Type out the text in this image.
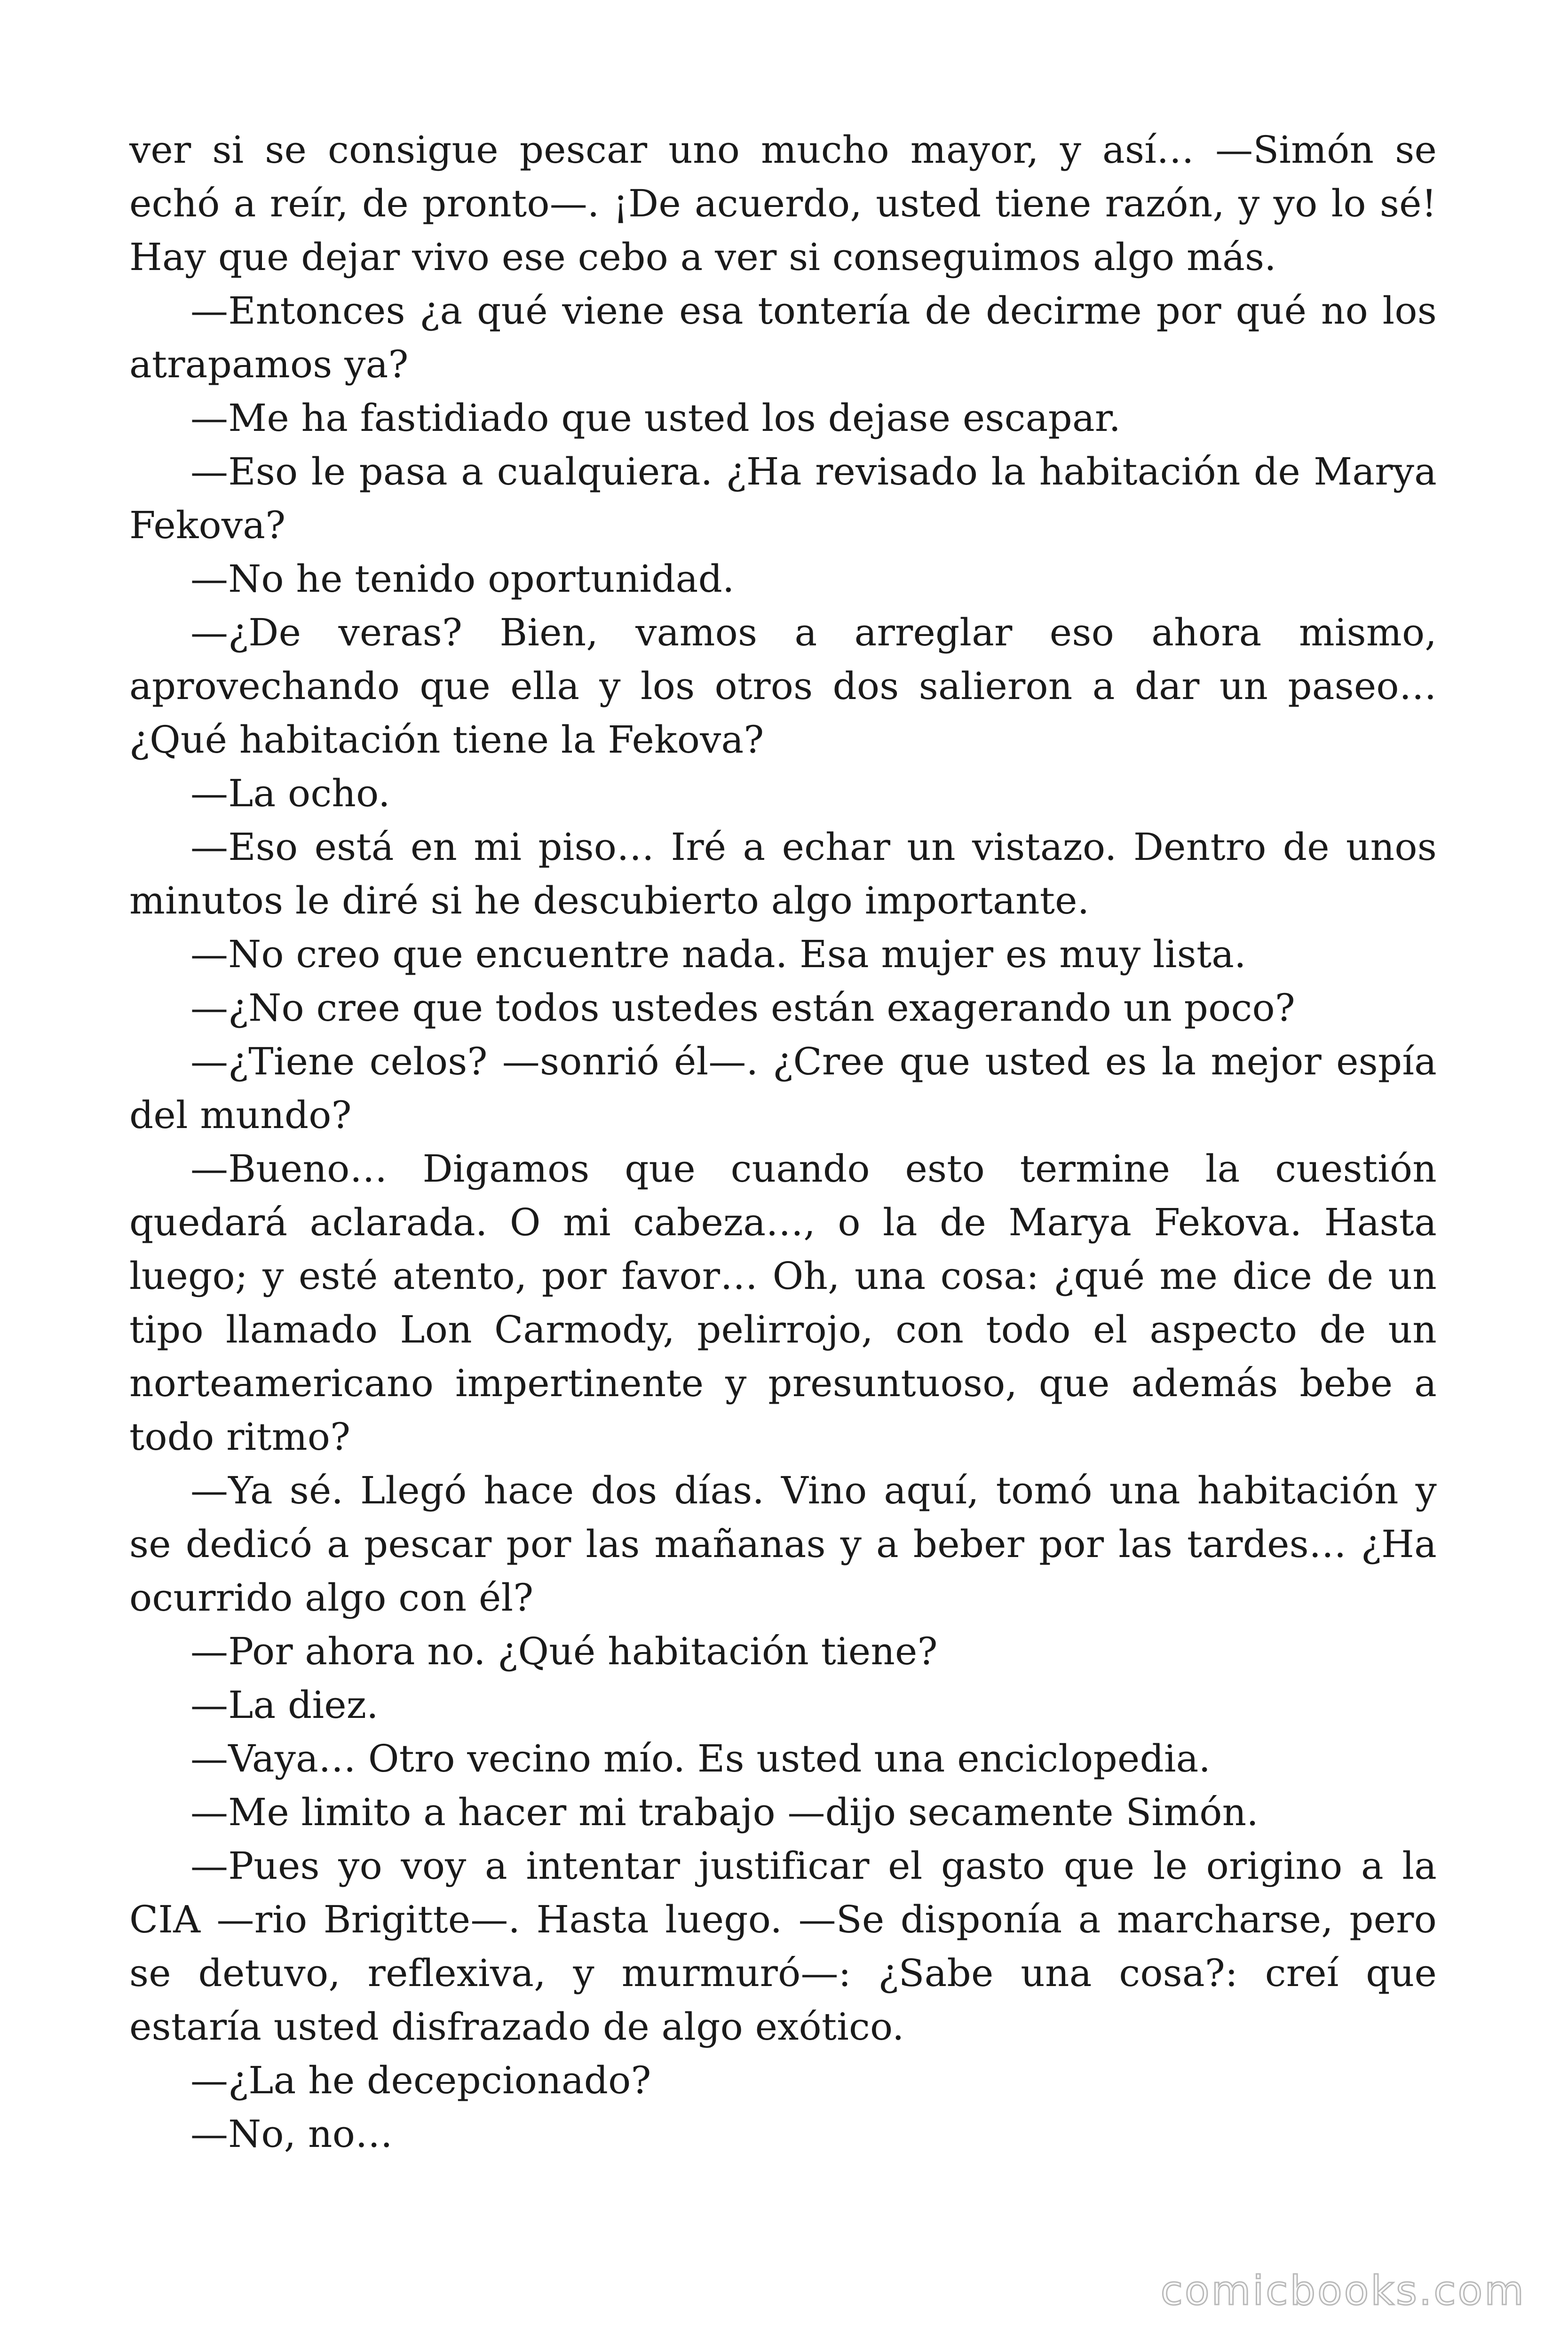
ver si se consigue pescar uno mucho mayor, y así… —Simón se echó a reír, de pronto—. ¡De acuerdo, usted tiene razón, y yo lo sé! Hay que dejar vivo ese cebo a ver si conseguimos algo más.

—Entonces ¿a qué viene esa tontería de decirme por qué no los atrapamos ya?

—Me ha fastidiado que usted los dejase escapar.

—Eso le pasa a cualquiera. ¿Ha revisado la habitación de Marya Fekova?

—No he tenido oportunidad.

—¿De veras? Bien, vamos a arreglar eso ahora mismo, aprovechando que ella y los otros dos salieron a dar un paseo… ¿Qué habitación tiene la Fekova?

—La ocho.

—Eso está en mi piso… Iré a echar un vistazo. Dentro de unos minutos le diré si he descubierto algo importante.

—No creo que encuentre nada. Esa mujer es muy lista.

—¿No cree que todos ustedes están exagerando un poco?

—¿Tiene celos? —sonrió él—. ¿Cree que usted es la mejor espía del mundo?

—Bueno… Digamos que cuando esto termine la cuestión quedará aclarada. O mi cabeza…, o la de Marya Fekova. Hasta luego; y esté atento, por favor… Oh, una cosa: ¿qué me dice de un tipo llamado Lon Carmody, pelirrojo, con todo el aspecto de un norteamericano impertinente y presuntuoso, que además bebe a todo ritmo?

—Ya sé. Llegó hace dos días. Vino aquí, tomó una habitación y se dedicó a pescar por las mañanas y a beber por las tardes… ¿Ha ocurrido algo con él?

—Por ahora no. ¿Qué habitación tiene?

—La diez.

—Vaya… Otro vecino mío. Es usted una enciclopedia.

—Me limito a hacer mi trabajo —dijo secamente Simón.

—Pues yo voy a intentar justificar el gasto que le origino a la CIA —rio Brigitte—. Hasta luego. —Se disponía a marcharse, pero se detuvo, reflexiva, y murmuró—: ¿Sabe una cosa?: creí que estaría usted disfrazado de algo exótico.

—¿La he decepcionado?

—No, no…

comicbooks.com
